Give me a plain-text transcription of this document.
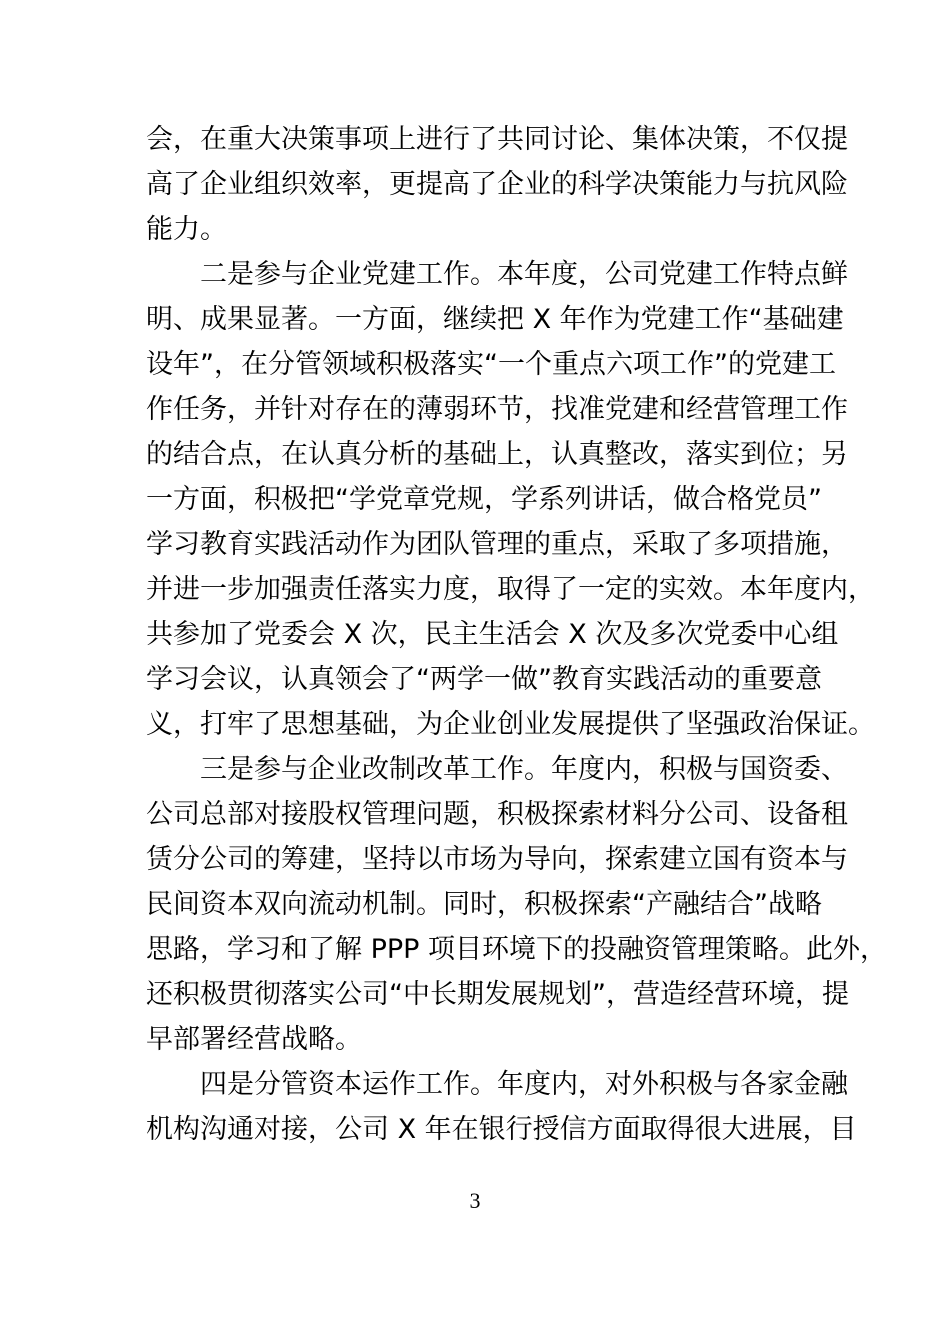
会，在重大决策事项上进行了共同讨论、集体决策，不仅提
高了企业组织效率，更提高了企业的科学决策能力与抗风险
能力。
二是参与企业党建工作。本年度，公司党建工作特点鲜
明、成果显著。一方面，继续把 X 年作为党建工作“基础建
设年”，在分管领域积极落实“一个重点六项工作”的党建工
作任务，并针对存在的薄弱环节，找准党建和经营管理工作
的结合点，在认真分析的基础上，认真整改，落实到位；另
一方面，积极把“学党章党规，学系列讲话，做合格党员”
学习教育实践活动作为团队管理的重点，采取了多项措施，
并进一步加强责任落实力度，取得了一定的实效。本年度内，
共参加了党委会 X 次，民主生活会 X 次及多次党委中心组
学习会议，认真领会了“两学一做”教育实践活动的重要意
义，打牢了思想基础，为企业创业发展提供了坚强政治保证。
三是参与企业改制改革工作。年度内，积极与国资委、
公司总部对接股权管理问题，积极探索材料分公司、设备租
赁分公司的筹建，坚持以市场为导向，探索建立国有资本与
民间资本双向流动机制。同时，积极探索“产融结合”战略
思路，学习和了解 PPP 项目环境下的投融资管理策略。此外，
还积极贯彻落实公司“中长期发展规划”，营造经营环境，提
早部署经营战略。
四是分管资本运作工作。年度内，对外积极与各家金融
机构沟通对接，公司 X 年在银行授信方面取得很大进展，目
3
